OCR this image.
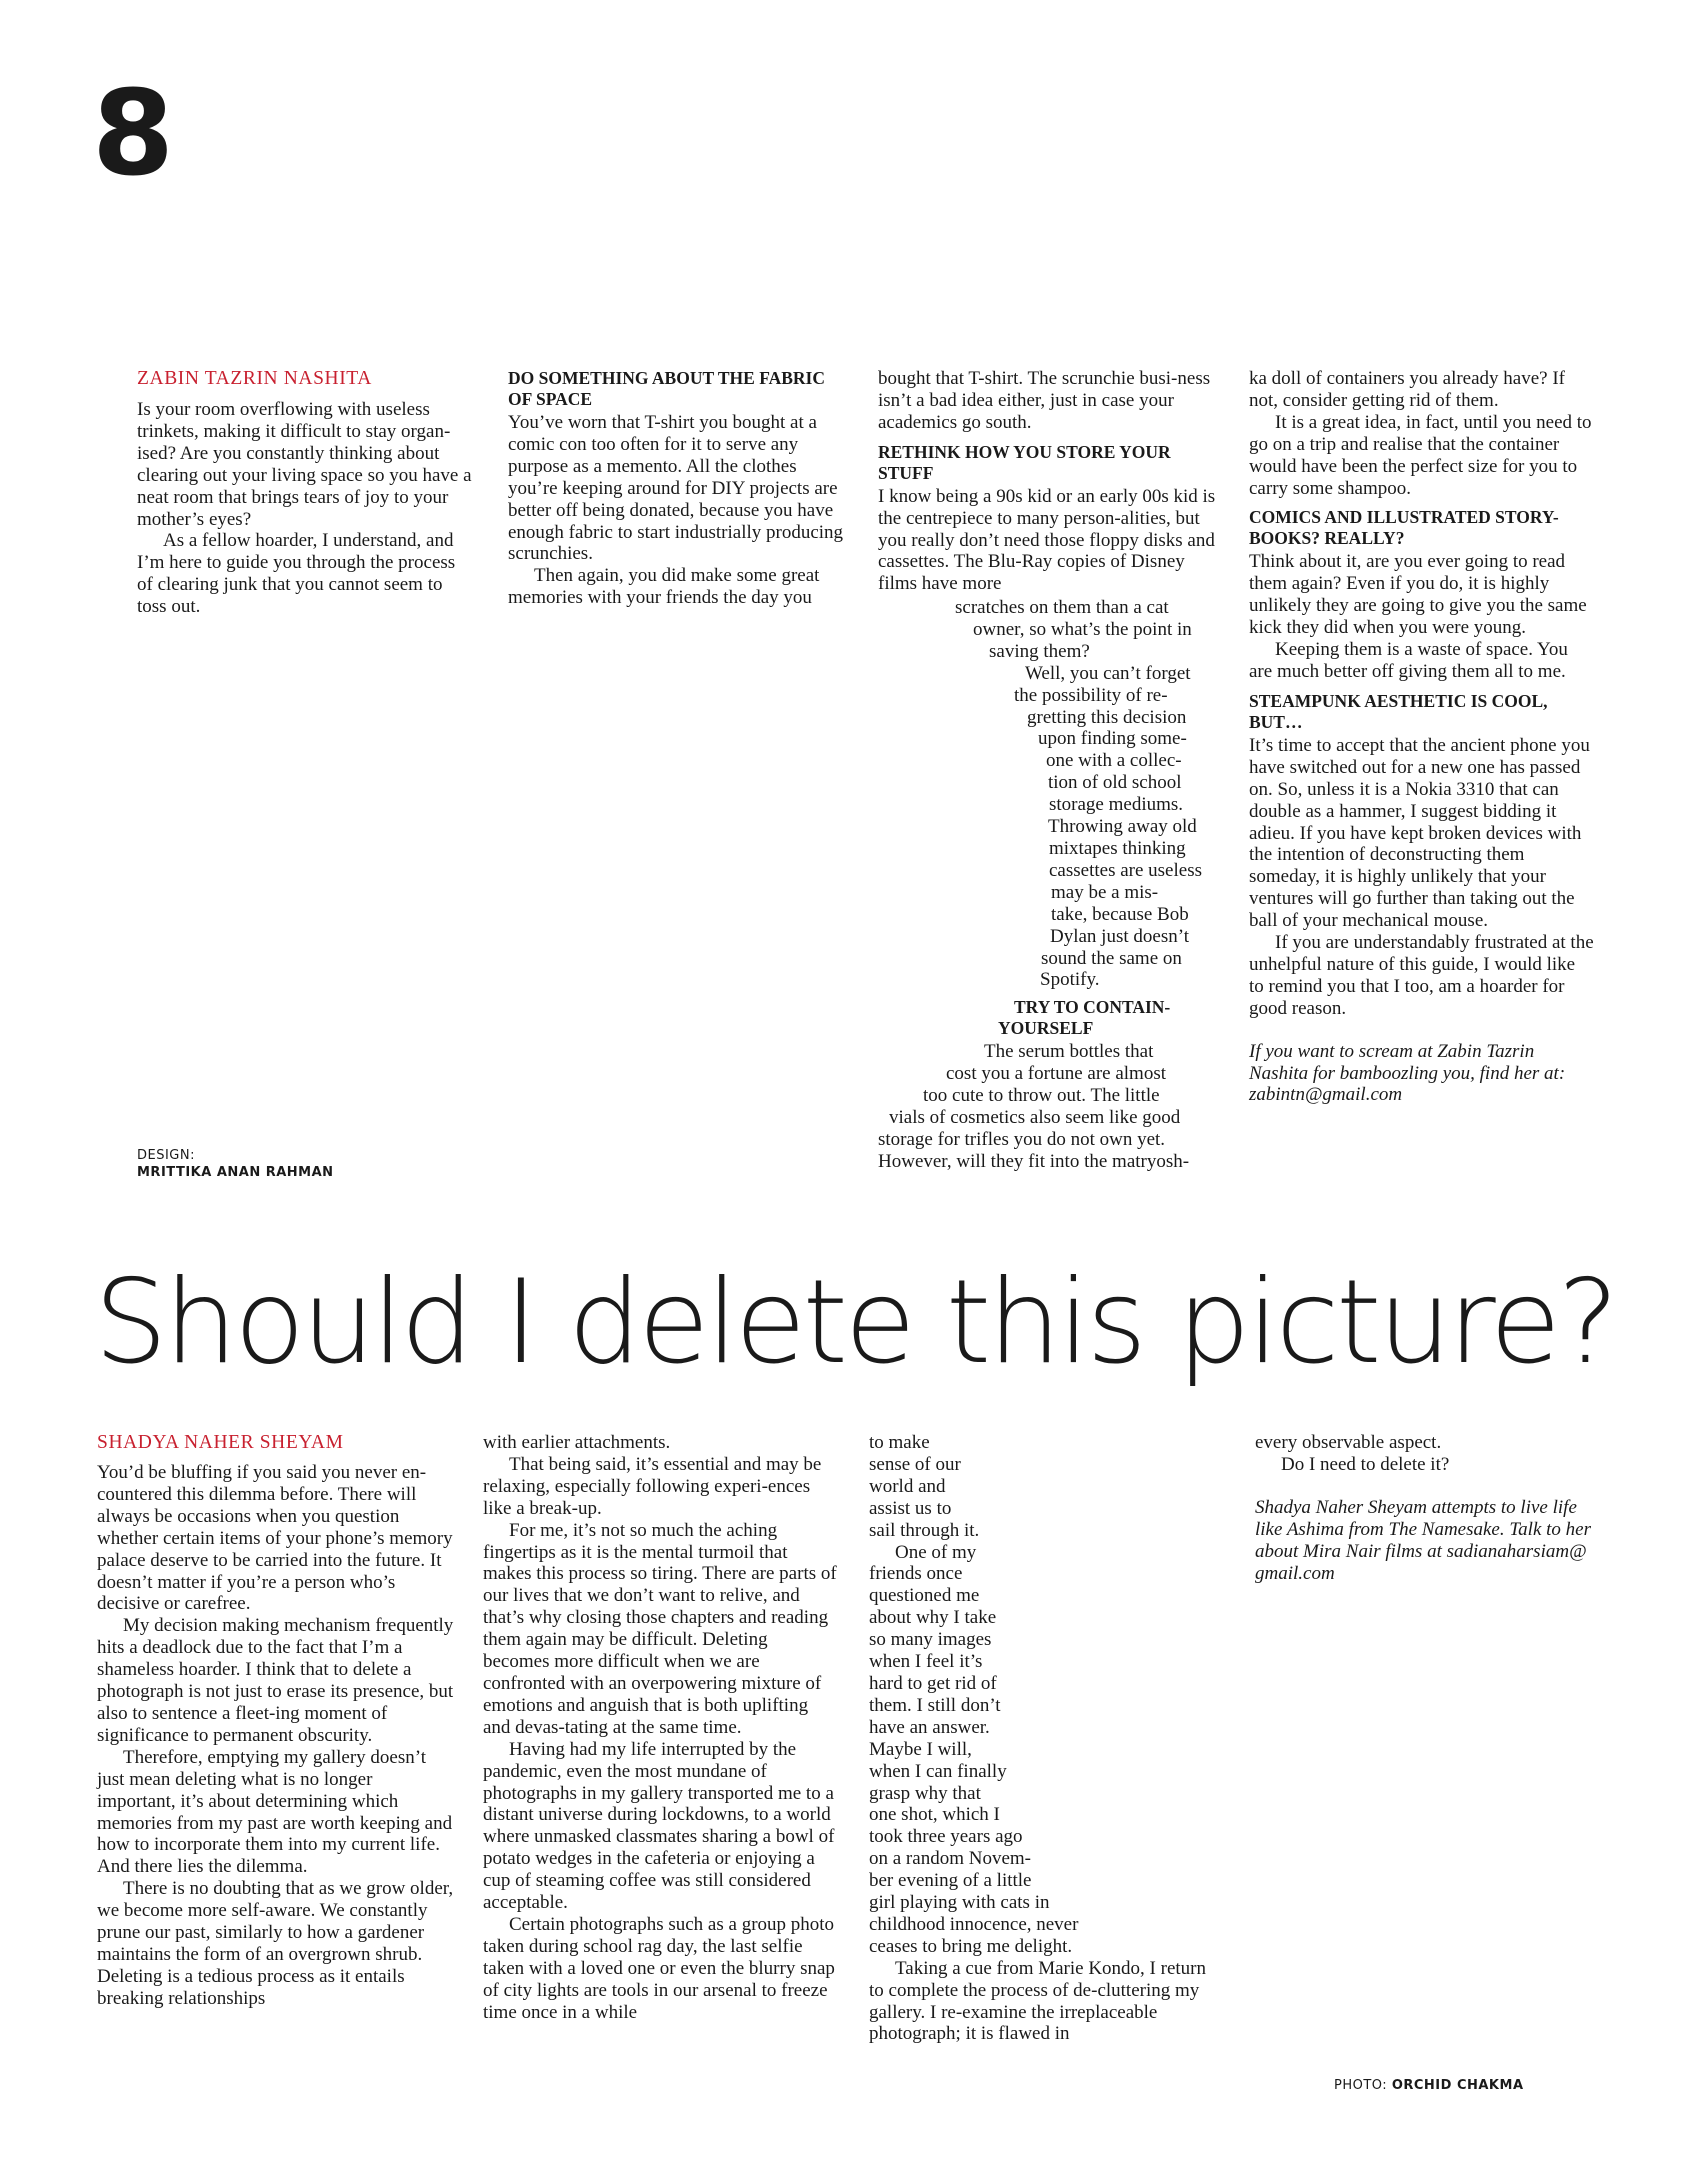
8
ZABIN TAZRIN NASHITA

Is your room overflowing with useless trinkets, making it difficult to stay organ-ised? Are you constantly thinking about clearing out your living space so you have a neat room that brings tears of joy to your mother’s eyes?

As a fellow hoarder, I understand, and I’m here to guide you through the process of clearing junk that you cannot seem to toss out.

DO SOMETHING ABOUT THE FABRIC OF SPACE

You’ve worn that T-shirt you bought at a comic con too often for it to serve any purpose as a memento. All the clothes you’re keeping around for DIY projects are better off being donated, because you have enough fabric to start industrially producing scrunchies.

Then again, you did make some great memories with your friends the day you

bought that T-shirt. The scrunchie busi-ness isn’t a bad idea either, just in case your academics go south.

RETHINK HOW YOU STORE YOUR STUFF

I know being a 90s kid or an early 00s kid is the centrepiece to many person-alities, but you really don’t need those floppy disks and cassettes. The Blu-Ray copies of Disney films have more

scratches on them than a cat

owner, so what’s the point in

saving them?

Well, you can’t forget

the possibility of re-

gretting this decision

upon finding some-

one with a collec-

tion of old school

storage mediums.

Throwing away old

mixtapes thinking

cassettes are useless

may be a mis-

take, because Bob

Dylan just doesn’t

sound the same on

Spotify.

TRY TO CONTAIN-
YOURSELF

The serum bottles that

cost you a fortune are almost

too cute to throw out. The little

vials of cosmetics also seem like good

storage for trifles you do not own yet.

However, will they fit into the matryosh-

ka doll of containers you already have? If not, consider getting rid of them.

It is a great idea, in fact, until you need to go on a trip and realise that the container would have been the perfect size for you to carry some shampoo.

COMICS AND ILLUSTRATED STORY-BOOKS? REALLY?

Think about it, are you ever going to read them again? Even if you do, it is highly unlikely they are going to give you the same kick they did when you were young.

Keeping them is a waste of space. You are much better off giving them all to me.

STEAMPUNK AESTHETIC IS COOL, BUT…

It’s time to accept that the ancient phone you have switched out for a new one has passed on. So, unless it is a Nokia 3310 that can double as a hammer, I suggest bidding it adieu. If you have kept broken devices with the intention of deconstructing them someday, it is highly unlikely that your ventures will go further than taking out the ball of your mechanical mouse.

If you are understandably frustrated at the unhelpful nature of this guide, I would like to remind you that I too, am a hoarder for good reason.

If you want to scream at Zabin Tazrin Nashita for bamboozling you, find her at: zabintn@gmail.com

DESIGN:
MRITTIKA ANAN RAHMAN
Should I delete this picture?
SHADYA NAHER SHEYAM

You’d be bluffing if you said you never en-countered this dilemma before. There will always be occasions when you question whether certain items of your phone’s memory palace deserve to be carried into the future. It doesn’t matter if you’re a person who’s decisive or carefree.

My decision making mechanism frequently hits a deadlock due to the fact that I’m a shameless hoarder. I think that to delete a photograph is not just to erase its presence, but also to sentence a fleet-ing moment of significance to permanent obscurity.

Therefore, emptying my gallery doesn’t just mean deleting what is no longer important, it’s about determining which memories from my past are worth keeping and how to incorporate them into my current life. And there lies the dilemma.

There is no doubting that as we grow older, we become more self-aware. We constantly prune our past, similarly to how a gardener maintains the form of an overgrown shrub. Deleting is a tedious process as it entails breaking relationships

with earlier attachments.

That being said, it’s essential and may be relaxing, especially following experi-ences like a break-up.

For me, it’s not so much the aching fingertips as it is the mental turmoil that makes this process so tiring. There are parts of our lives that we don’t want to relive, and that’s why closing those chapters and reading them again may be difficult. Deleting becomes more difficult when we are confronted with an overpowering mixture of emotions and anguish that is both uplifting and devas-tating at the same time.

Having had my life interrupted by the pandemic, even the most mundane of photographs in my gallery transported me to a distant universe during lockdowns, to a world where unmasked classmates sharing a bowl of potato wedges in the cafeteria or enjoying a cup of steaming coffee was still considered acceptable.

Certain photographs such as a group photo taken during school rag day, the last selfie taken with a loved one or even the blurry snap of city lights are tools in our arsenal to freeze time once in a while

to make

sense of our

world and

assist us to

sail through it.

One of my

friends once

questioned me

about why I take

so many images

when I feel it’s

hard to get rid of

them. I still don’t

have an answer.

Maybe I will,

when I can finally

grasp why that

one shot, which I

took three years ago

on a random Novem-

ber evening of a little

girl playing with cats in

childhood innocence, never

ceases to bring me delight.

Taking a cue from Marie Kondo, I return to complete the process of de-cluttering my gallery. I re-examine the irreplaceable photograph; it is flawed in

every observable aspect.

Do I need to delete it?

Shadya Naher Sheyam attempts to live life like Ashima from The Namesake. Talk to her about Mira Nair films at sadianaharsiam@ gmail.com

PHOTO: ORCHID CHAKMA
